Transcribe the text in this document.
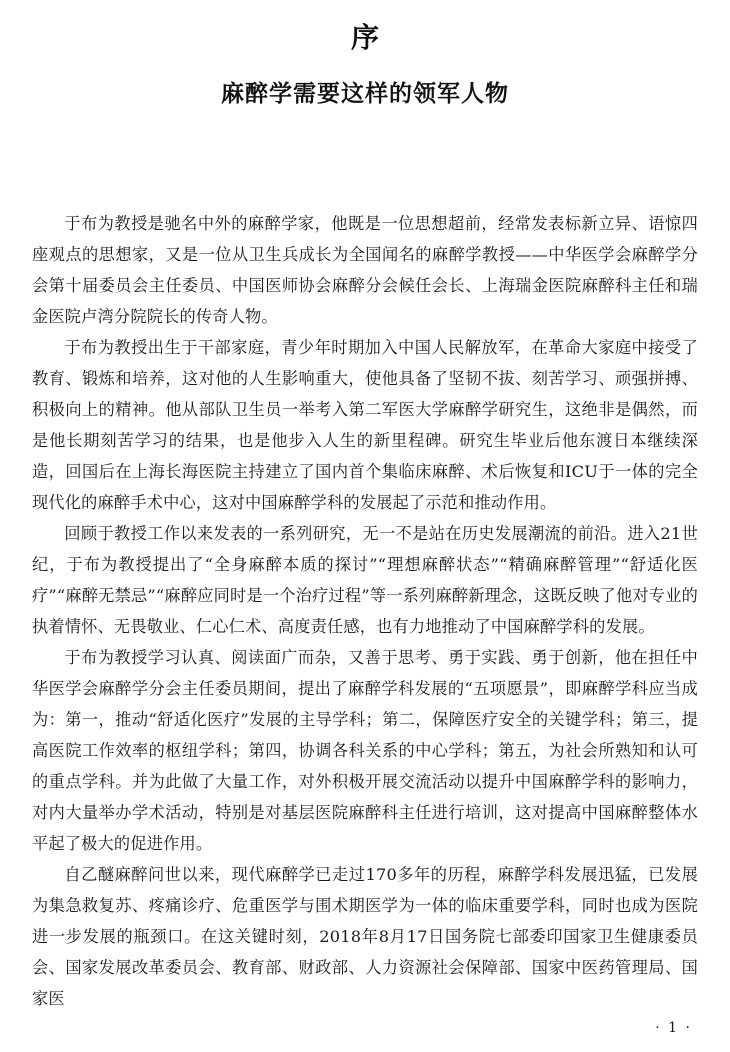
序
麻醉学需要这样的领军人物

于布为教授是驰名中外的麻醉学家，他既是一位思想超前，经常发表标新立异、语惊四座观点的思想家，又是一位从卫生兵成长为全国闻名的麻醉学教授——中华医学会麻醉学分会第十届委员会主任委员、中国医师协会麻醉分会候任会长、上海瑞金医院麻醉科主任和瑞金医院卢湾分院院长的传奇人物。

于布为教授出生于干部家庭，青少年时期加入中国人民解放军，在革命大家庭中接受了教育、锻炼和培养，这对他的人生影响重大，使他具备了坚韧不拔、刻苦学习、顽强拼搏、积极向上的精神。他从部队卫生员一举考入第二军医大学麻醉学研究生，这绝非是偶然，而是他长期刻苦学习的结果，也是他步入人生的新里程碑。研究生毕业后他东渡日本继续深造，回国后在上海长海医院主持建立了国内首个集临床麻醉、术后恢复和ICU于一体的完全现代化的麻醉手术中心，这对中国麻醉学科的发展起了示范和推动作用。

回顾于教授工作以来发表的一系列研究，无一不是站在历史发展潮流的前沿。进入21世纪，于布为教授提出了“全身麻醉本质的探讨”“理想麻醉状态”“精确麻醉管理”“舒适化医疗”“麻醉无禁忌”“麻醉应同时是一个治疗过程”等一系列麻醉新理念，这既反映了他对专业的执着情怀、无畏敬业、仁心仁术、高度责任感，也有力地推动了中国麻醉学科的发展。

于布为教授学习认真、阅读面广而杂，又善于思考、勇于实践、勇于创新，他在担任中华医学会麻醉学分会主任委员期间，提出了麻醉学科发展的“五项愿景”，即麻醉学科应当成为：第一，推动“舒适化医疗”发展的主导学科；第二，保障医疗安全的关键学科；第三，提高医院工作效率的枢纽学科；第四，协调各科关系的中心学科；第五，为社会所熟知和认可的重点学科。并为此做了大量工作，对外积极开展交流活动以提升中国麻醉学科的影响力，对内大量举办学术活动，特别是对基层医院麻醉科主任进行培训，这对提高中国麻醉整体水平起了极大的促进作用。

自乙醚麻醉问世以来，现代麻醉学已走过170多年的历程，麻醉学科发展迅猛，已发展为集急救复苏、疼痛诊疗、危重医学与围术期医学为一体的临床重要学科，同时也成为医院进一步发展的瓶颈口。在这关键时刻，2018年8月17日国务院七部委印国家卫生健康委员会、国家发展改革委员会、教育部、财政部、人力资源社会保障部、国家中医药管理局、国家医

· 1 ·
